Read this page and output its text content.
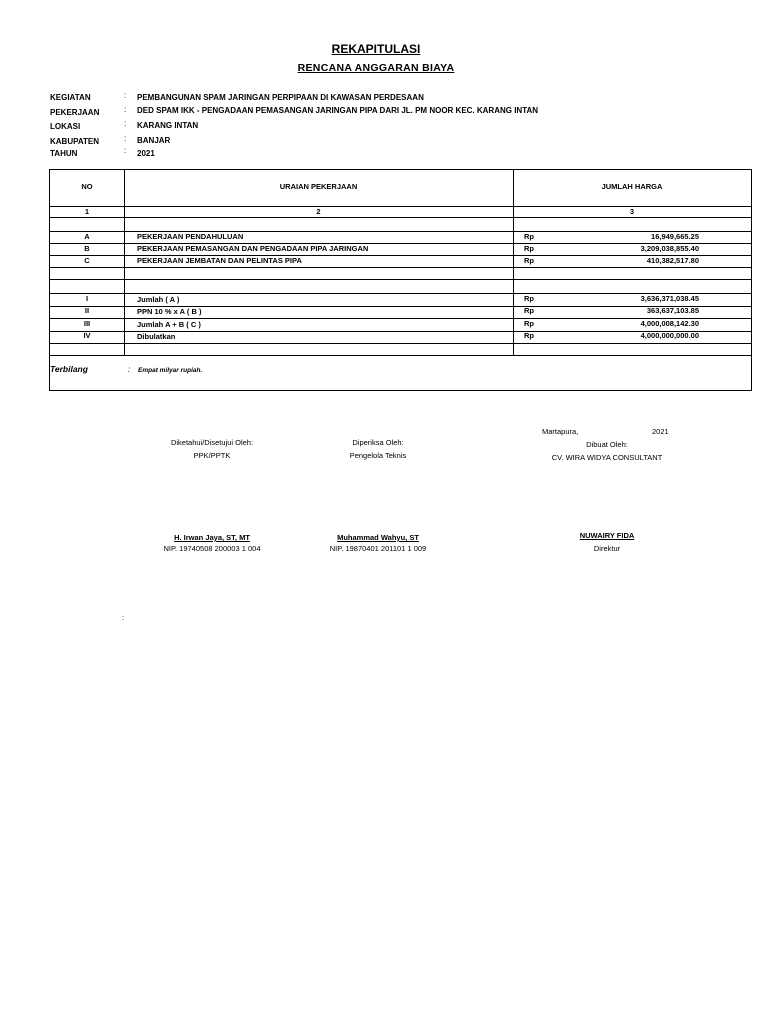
REKAPITULASI
RENCANA ANGGARAN BIAYA
KEGIATAN	: PEMBANGUNAN SPAM JARINGAN PERPIPAAN DI KAWASAN PERDESAAN
PEKERJAAN	: DED SPAM IKK - PENGADAAN PEMASANGAN JARINGAN PIPA DARI JL. PM NOOR KEC. KARANG INTAN
LOKASI	: KARANG INTAN
KABUPATEN	: BANJAR
TAHUN	: 2021
NO	URAIAN PEKERJAAN	JUMLAH HARGA
1	2	3
A	PEKERJAAN PENDAHULUAN	Rp	16,949,665.25
B	PEKERJAAN PEMASANGAN DAN PENGADAAN PIPA JARINGAN	Rp	3,209,038,855.40
C	PEKERJAAN JEMBATAN DAN PELINTAS PIPA	Rp	410,382,517.80
I	Jumlah ( A )	Rp	3,636,371,038.45
II	PPN 10 % x A ( B )	Rp	363,637,103.85
III	Jumlah A + B ( C )	Rp	4,000,008,142.30
IV	Dibulatkan	Rp	4,000,000,000.00
Terbilang	: Empat milyar rupiah.
Martapura,	2021
Diketahui/Disetujui Oleh:
PPK/PPTK
H. Irwan Jaya, ST, MT
NIP. 19740508 200003 1 004
Diperiksa Oleh:
Pengelola Teknis
Muhammad Wahyu, ST
NIP. 19870401 201101 1 009
Dibuat Oleh:
CV. WIRA WIDYA CONSULTANT
NUWAIRY FIDA
Direktur
:
